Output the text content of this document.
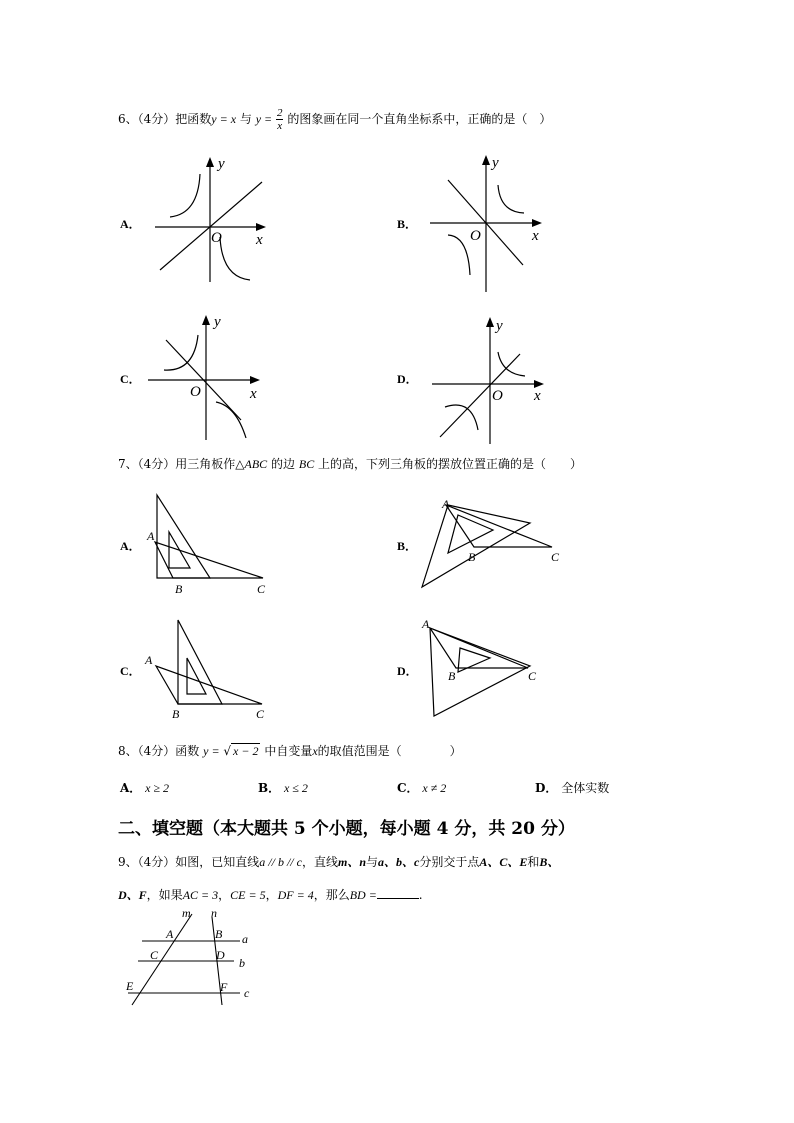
6、（4分）把函数y = x 与 $y = \frac{2}{x}$ 的图象画在同一个直角坐标系中，正确的是（　）
A．	B．
C．	D．
y
x
O
y
x
O
y
x
O
y
x
O
7、（4分）用三角板作△ABC 的边 BC 上的高，下列三角板的摆放位置正确的是（　　）
A．	B．
C．	D．
A
B	C
A
B	C
A
B	C
A
B	C
8、（4分）函数 y = √ x − 2 中自变量x的取值范围是（　　　　）
A． x ≥ 2	B． x ≤ 2	C． x ≠ 2	D． 全体实数
二、填空题（本大题共 5 个小题，每小题 4 分，共 20 分）
9、（4分）如图，已知直线a // b // c，直线m、n与a、b、c分别交于点A、C、E和B、
D、F，如果AC = 3，CE = 5，DF = 4，那么BD =	.
m n
a
b
c
A	B
C	D
E	F
